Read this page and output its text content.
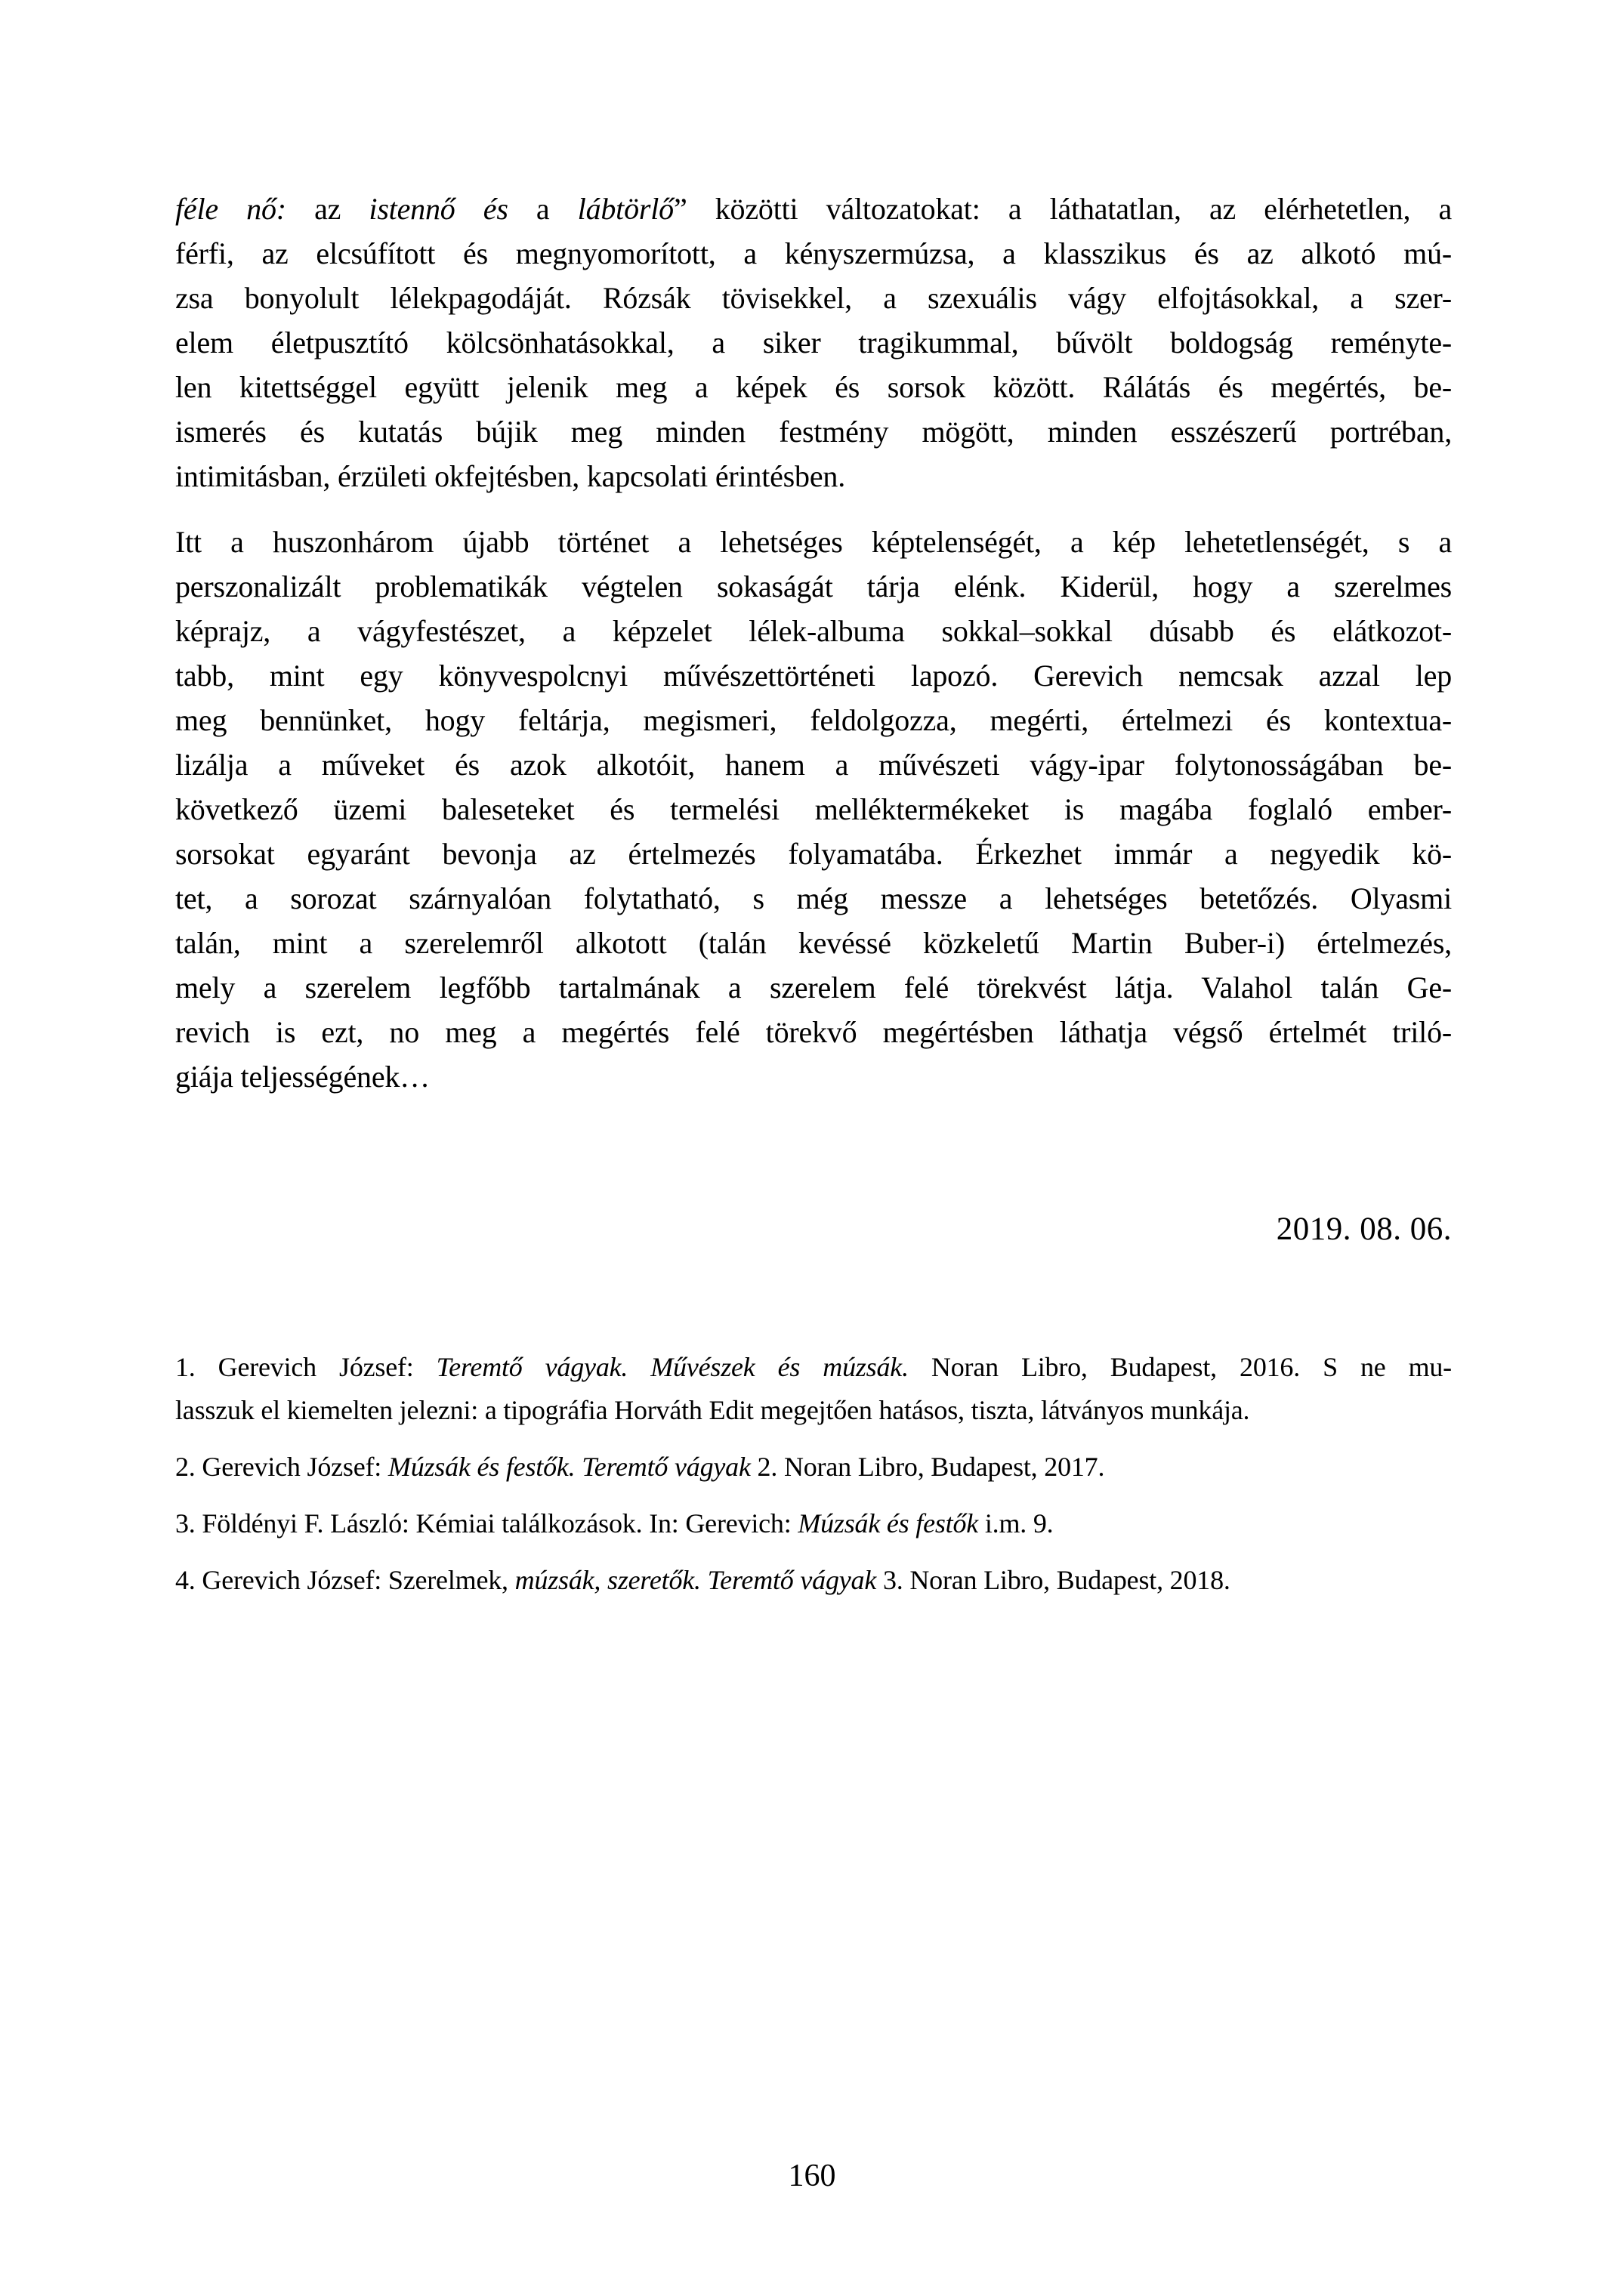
féle nő: az istennő és a lábtörlő” közötti változatokat: a láthatatlan, az elérhetetlen, a
férfi, az elcsúfított és megnyomorított, a kényszermúzsa, a klasszikus és az alkotó mú-
zsa bonyolult lélekpagodáját. Rózsák tövisekkel, a szexuális vágy elfojtásokkal, a szer-
elem életpusztító kölcsönhatásokkal, a siker tragikummal, bűvölt boldogság reményte-
len kitettséggel együtt jelenik meg a képek és sorsok között. Rálátás és megértés, be-
ismerés és kutatás bújik meg minden festmény mögött, minden esszészerű portréban,
intimitásban, érzületi okfejtésben, kapcsolati érintésben.
Itt a huszonhárom újabb történet a lehetséges képtelenségét, a kép lehetetlenségét, s a
perszonalizált problematikák végtelen sokaságát tárja elénk. Kiderül, hogy a szerelmes
képrajz, a vágyfestészet, a képzelet lélek-albuma sokkal–sokkal dúsabb és elátkozot-
tabb, mint egy könyvespolcnyi művészettörténeti lapozó. Gerevich nemcsak azzal lep
meg bennünket, hogy feltárja, megismeri, feldolgozza, megérti, értelmezi és kontextua-
lizálja a műveket és azok alkotóit, hanem a művészeti vágy-ipar folytonosságában be-
következő üzemi baleseteket és termelési melléktermékeket is magába foglaló ember-
sorsokat egyaránt bevonja az értelmezés folyamatába. Érkezhet immár a negyedik kö-
tet, a sorozat szárnyalóan folytatható, s még messze a lehetséges betetőzés. Olyasmi
talán, mint a szerelemről alkotott (talán kevéssé közkeletű Martin Buber-i) értelmezés,
mely a szerelem legfőbb tartalmának a szerelem felé törekvést látja. Valahol talán Ge-
revich is ezt, no meg a megértés felé törekvő megértésben láthatja végső értelmét triló-
giája teljességének…
2019. 08. 06.
1. Gerevich József: Teremtő vágyak. Művészek és múzsák. Noran Libro, Budapest, 2016. S ne mu-
lasszuk el kiemelten jelezni: a tipográfia Horváth Edit megejtően hatásos, tiszta, látványos munkája.
2. Gerevich József: Múzsák és festők. Teremtő vágyak 2. Noran Libro, Budapest, 2017.
3. Földényi F. László: Kémiai találkozások. In: Gerevich: Múzsák és festők i.m. 9.
4. Gerevich József: Szerelmek, múzsák, szeretők. Teremtő vágyak 3. Noran Libro, Budapest, 2018.
160
